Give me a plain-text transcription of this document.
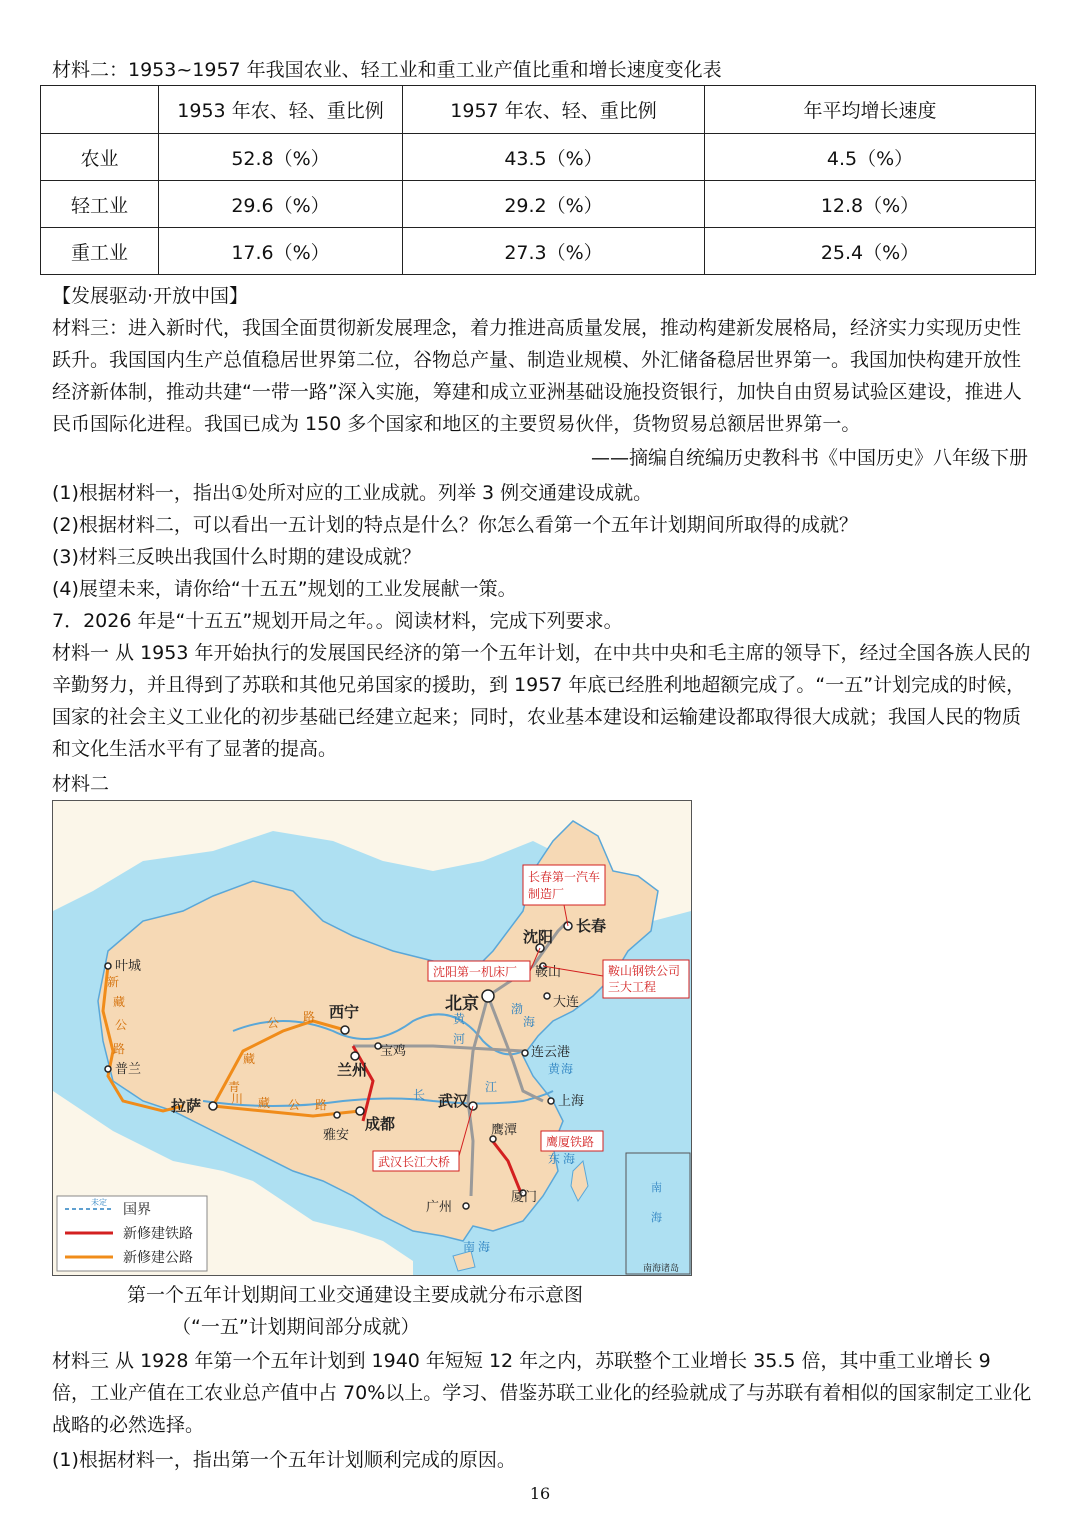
材料二：1953~1957 年我国农业、轻工业和重工业产值比重和增长速度变化表
	1953 年农、轻、重比例	1957 年农、轻、重比例	年平均增长速度
农业	52.8（%）	43.5（%）	4.5（%）
轻工业	29.6（%）	29.2（%）	12.8（%）
重工业	17.6（%）	27.3（%）	25.4（%）
【发展驱动·开放中国】
材料三：进入新时代，我国全面贯彻新发展理念，着力推进高质量发展，推动构建新发展格局，经济实力实现历史性跃升。我国国内生产总值稳居世界第二位，谷物总产量、制造业规模、外汇储备稳居世界第一。我国加快构建开放性经济新体制，推动共建“一带一路”深入实施，筹建和成立亚洲基础设施投资银行，加快自由贸易试验区建设，推进人民币国际化进程。我国已成为 150 多个国家和地区的主要贸易伙伴，货物贸易总额居世界第一。
——摘编自统编历史教科书《中国历史》八年级下册
(1)根据材料一，指出①处所对应的工业成就。列举 3 例交通建设成就。
(2)根据材料二，可以看出一五计划的特点是什么？你怎么看第一个五年计划期间所取得的成就？
(3)材料三反映出我国什么时期的建设成就？
(4)展望未来，请你给“十五五”规划的工业发展献一策。
7．2026 年是“十五五”规划开局之年。。阅读材料，完成下列要求。
材料一 从 1953 年开始执行的发展国民经济的第一个五年计划，在中共中央和毛主席的领导下，经过全国各族人民的辛勤努力，并且得到了苏联和其他兄弟国家的援助，到 1957 年底已经胜利地超额完成了。“一五”计划完成的时候，国家的社会主义工业化的初步基础已经建立起来；同时，农业基本建设和运输建设都取得很大成就；我国人民的物质和文化生活水平有了显著的提高。
材料二
叶城
普兰
拉萨
西宁
兰州
宝鸡
成都
雅安
北京
沈阳
长春
鞍山
大连
连云港
上海
武汉
鹰潭
厦门
广州
新
藏
公
路
青
藏
公 路
川 藏 公 路
渤
海
黄 海
东 海
南 海
黄
河
长
江
长春第一汽车
制造厂
沈阳第一机床厂	鞍山钢铁公司
三大工程
武汉长江大桥
鹰厦铁路
未定 国界
新修建铁路
新修建公路
南
海
南海诸岛
第一个五年计划期间工业交通建设主要成就分布示意图
（“一五”计划期间部分成就）
材料三 从 1928 年第一个五年计划到 1940 年短短 12 年之内，苏联整个工业增长 35.5 倍，其中重工业增长 9 倍，工业产值在工农业总产值中占 70%以上。学习、借鉴苏联工业化的经验就成了与苏联有着相似的国家制定工业化战略的必然选择。
(1)根据材料一，指出第一个五年计划顺利完成的原因。
16
